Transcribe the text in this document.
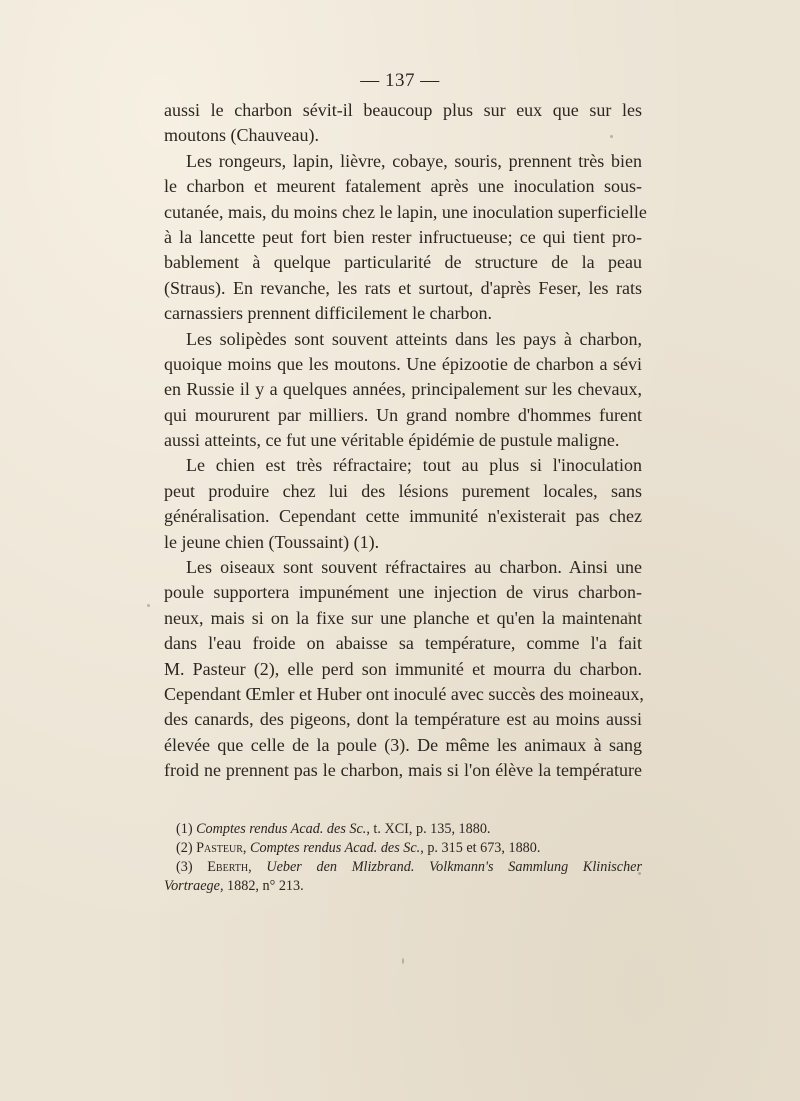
— 137 —
aussi le charbon sévit-il beaucoup plus sur eux que sur les
moutons (Chauveau).
Les rongeurs, lapin, lièvre, cobaye, souris, prennent très bien
le charbon et meurent fatalement après une inoculation sous-
cutanée, mais, du moins chez le lapin, une inoculation superficielle
à la lancette peut fort bien rester infructueuse; ce qui tient pro-
bablement à quelque particularité de structure de la peau
(Straus). En revanche, les rats et surtout, d'après Feser, les rats
carnassiers prennent difficilement le charbon.
Les solipèdes sont souvent atteints dans les pays à charbon,
quoique moins que les moutons. Une épizootie de charbon a sévi
en Russie il y a quelques années, principalement sur les chevaux,
qui moururent par milliers. Un grand nombre d'hommes furent
aussi atteints, ce fut une véritable épidémie de pustule maligne.
Le chien est très réfractaire; tout au plus si l'inoculation
peut produire chez lui des lésions purement locales, sans
généralisation. Cependant cette immunité n'existerait pas chez
le jeune chien (Toussaint) (1).
Les oiseaux sont souvent réfractaires au charbon. Ainsi une
poule supportera impunément une injection de virus charbon-
neux, mais si on la fixe sur une planche et qu'en la maintenant
dans l'eau froide on abaisse sa température, comme l'a fait
M. Pasteur (2), elle perd son immunité et mourra du charbon.
Cependant Œmler et Huber ont inoculé avec succès des moineaux,
des canards, des pigeons, dont la température est au moins aussi
élevée que celle de la poule (3). De même les animaux à sang
froid ne prennent pas le charbon, mais si l'on élève la température
(1) Comptes rendus Acad. des Sc., t. XCI, p. 135, 1880.
(2) Pasteur, Comptes rendus Acad. des Sc., p. 315 et 673, 1880.
(3) Eberth, Ueber den Mlizbrand. Volkmann's Sammlung Klinischer
Vortraege, 1882, n° 213.
